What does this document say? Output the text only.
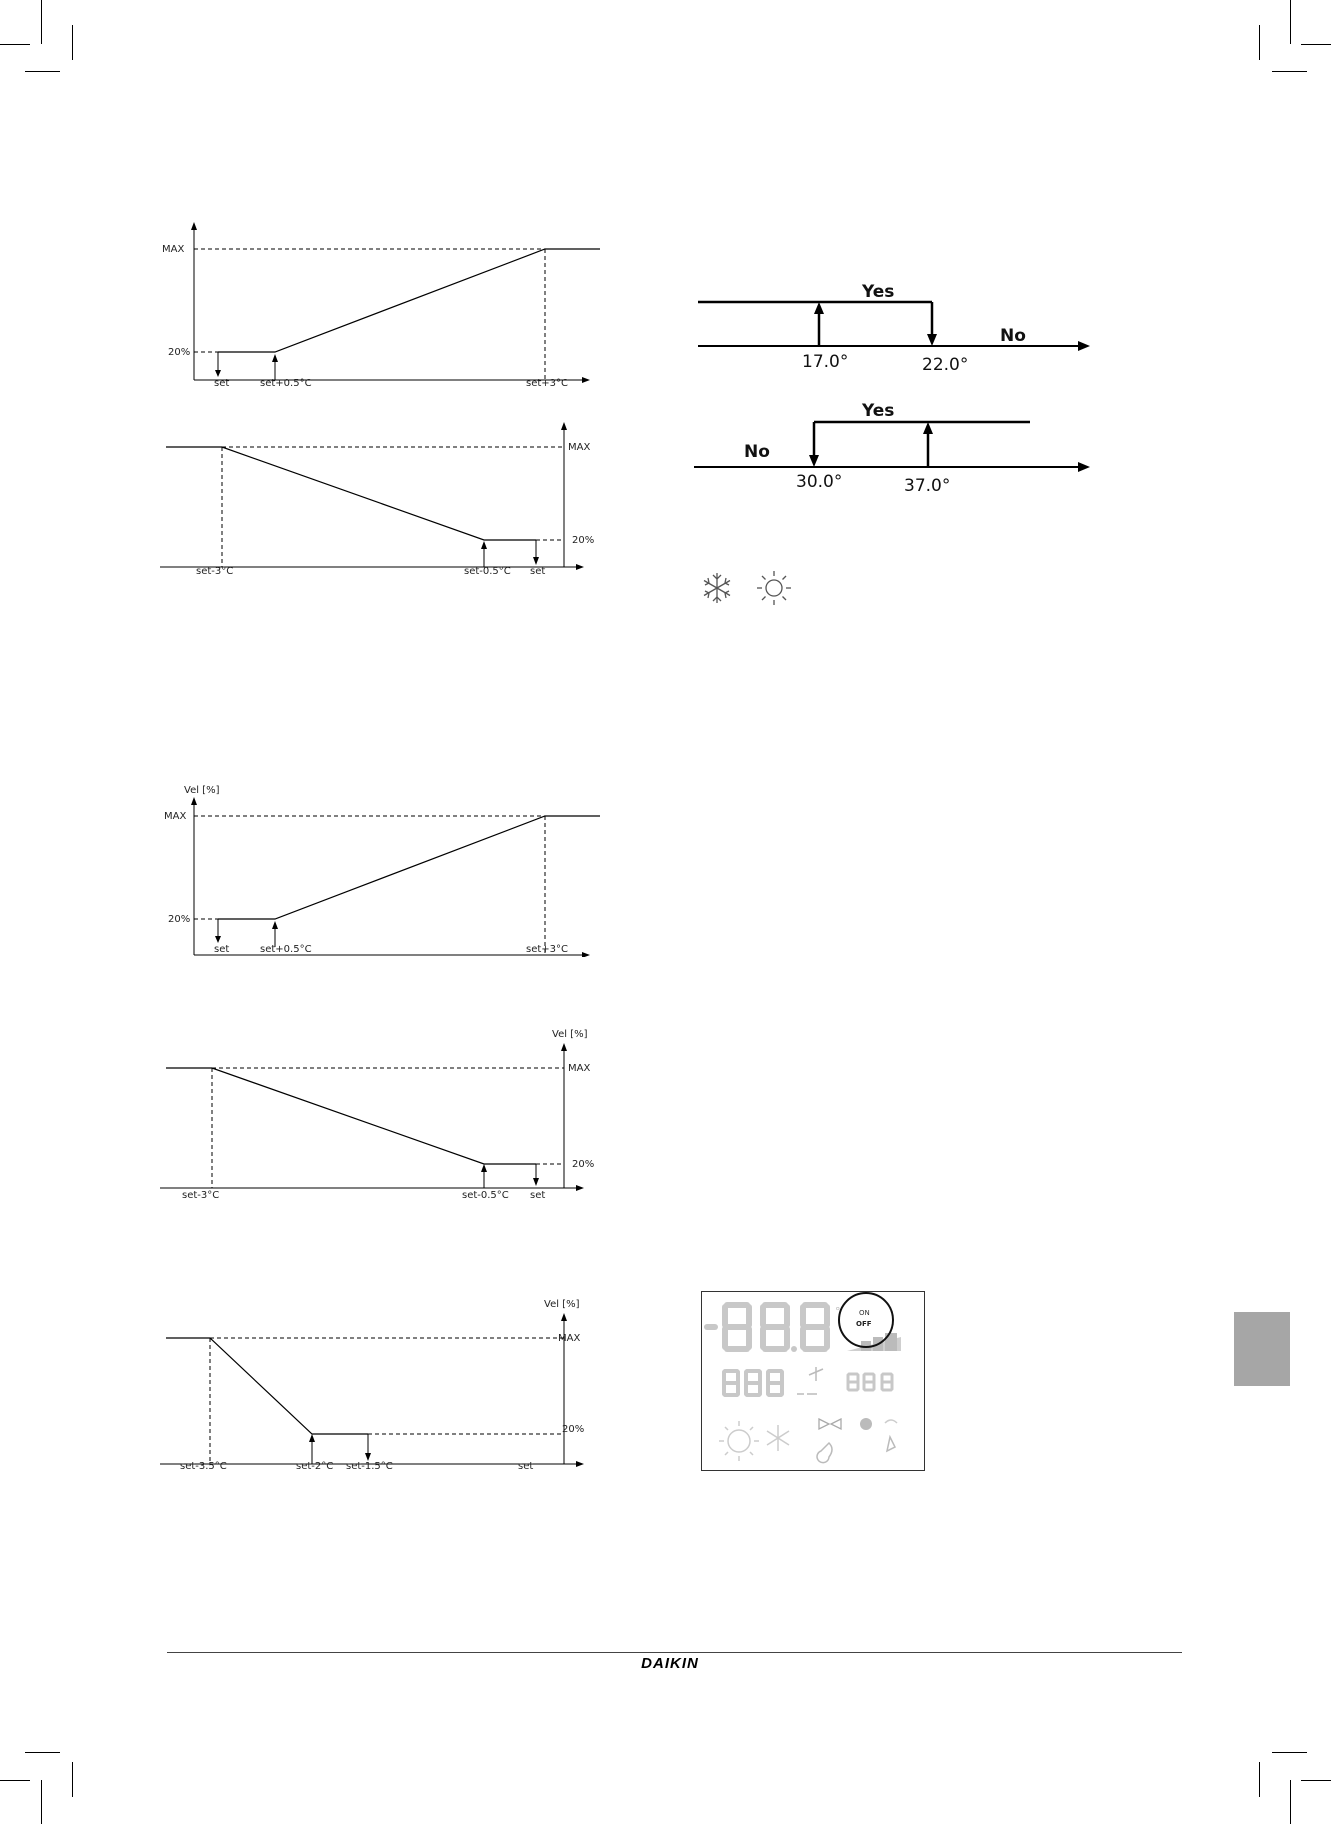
MAX
20%
set	set+0.5°C	set+3°C
MAX
20%
set-3°C	set-0.5°C set
Vel [%]
MAX
20%
set	set+0.5°C	set+3°C
Vel [%]
MAX
20%
set-3°C	set-0.5°C set
Vel [%]
MAX
20%
set-3.5°C	set-2°C set-1.5°C	set
Yes
No
17.0°	22.0°
Yes
No
30.0°	37.0°
°	ON
OFF
DAIKIN
